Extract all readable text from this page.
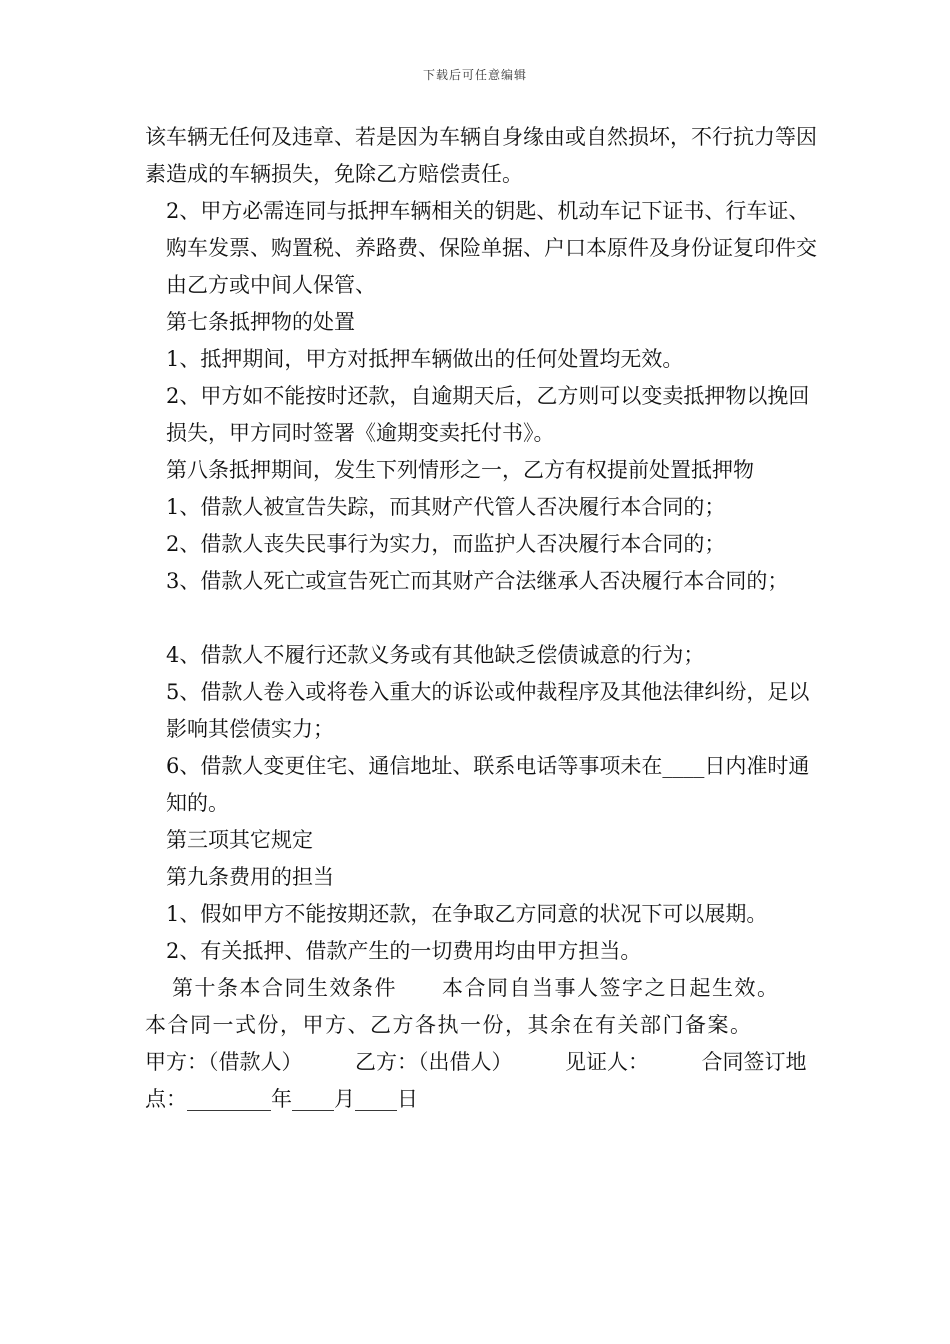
下载后可任意编辑

该车辆无任何及违章、若是因为车辆自身缘由或自然损坏，不行抗力等因素造成的车辆损失，免除乙方赔偿责任。

2、甲方必需连同与抵押车辆相关的钥匙、机动车记下证书、行车证、购车发票、购置税、养路费、保险单据、户口本原件及身份证复印件交由乙方或中间人保管、

第七条抵押物的处置

1、抵押期间，甲方对抵押车辆做出的任何处置均无效。

2、甲方如不能按时还款，自逾期天后，乙方则可以变卖抵押物以挽回损失，甲方同时签署《逾期变卖托付书》。

第八条抵押期间，发生下列情形之一，乙方有权提前处置抵押物

1、借款人被宣告失踪，而其财产代管人否决履行本合同的；

2、借款人丧失民事行为实力，而监护人否决履行本合同的；

3、借款人死亡或宣告死亡而其财产合法继承人否决履行本合同的；

4、借款人不履行还款义务或有其他缺乏偿债诚意的行为；

5、借款人卷入或将卷入重大的诉讼或仲裁程序及其他法律纠纷，足以影响其偿债实力；

6、借款人变更住宅、通信地址、联系电话等事项未在____日内准时通知的。

第三项其它规定

第九条费用的担当

1、假如甲方不能按期还款，在争取乙方同意的状况下可以展期。

2、有关抵押、借款产生的一切费用均由甲方担当。

第十条本合同生效条件　　本合同自当事人签字之日起生效。

本合同一式份，甲方、乙方各执一份，其余在有关部门备案。

甲方：（借款人）　　　乙方：（出借人）　　　见证人：　　　合同签订地点：________年____月____日
